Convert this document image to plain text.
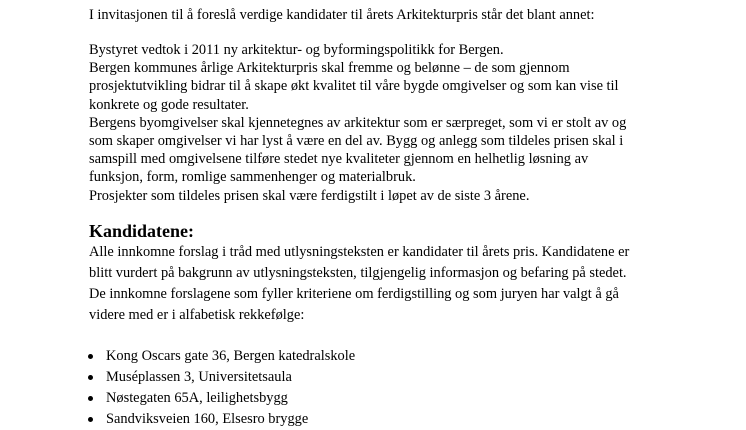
I invitasjonen til å foreslå verdige kandidater til årets Arkitekturpris står det blant annet:
Bystyret vedtok i 2011 ny arkitektur- og byformingspolitikk for Bergen.
Bergen kommunes årlige Arkitekturpris skal fremme og belønne – de som gjennom
prosjektutvikling bidrar til å skape økt kvalitet til våre bygde omgivelser og som kan vise til
konkrete og gode resultater.
Bergens byomgivelser skal kjennetegnes av arkitektur som er særpreget, som vi er stolt av og
som skaper omgivelser vi har lyst å være en del av. Bygg og anlegg som tildeles prisen skal i
samspill med omgivelsene tilføre stedet nye kvaliteter gjennom en helhetlig løsning av
funksjon, form, romlige sammenhenger og materialbruk.
Prosjekter som tildeles prisen skal være ferdigstilt i løpet av de siste 3 årene.
Kandidatene:
Alle innkomne forslag i tråd med utlysningsteksten er kandidater til årets pris. Kandidatene er
blitt vurdert på bakgrunn av utlysningsteksten, tilgjengelig informasjon og befaring på stedet.
De innkomne forslagene som fyller kriteriene om ferdigstilling og som juryen har valgt å gå
videre med er i alfabetisk rekkefølge:
Kong Oscars gate 36, Bergen katedralskole
Muséplassen 3, Universitetsaula
Nøstegaten 65A, leilighetsbygg
Sandviksveien 160, Elsesro brygge
